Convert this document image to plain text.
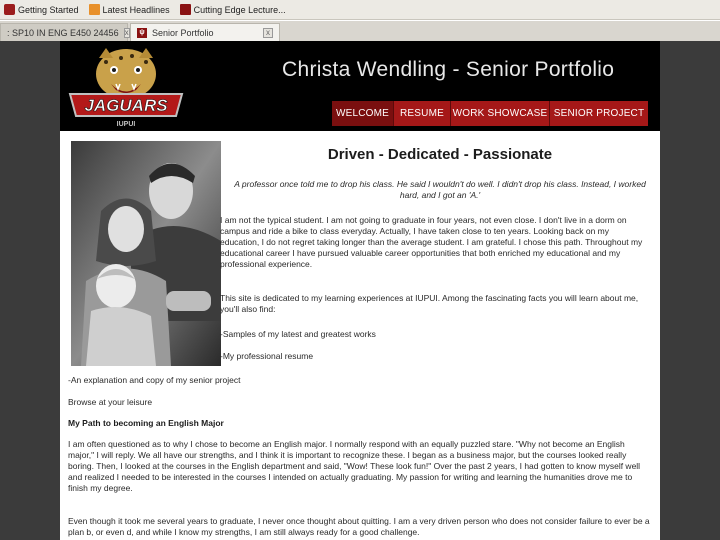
Getting Started	Latest Headlines	Cutting Edge Lecture...
: SP10 IN ENG E450 24456 x	ψ Senior Portfolio	x
JAGUARS
IUPUI
Christa Wendling - Senior Portfolio
WELCOME	RESUME WORK SHOWCASE SENIOR PROJECT
Driven - Dedicated - Passionate
A professor once told me to drop his class. He said I wouldn't do well. I didn't drop his class. Instead, I worked hard, and I got an 'A.'
I am not the typical student. I am not going to graduate in four years, not even close. I don't live in a dorm on campus and ride a bike to class everyday. Actually, I have taken close to ten years. Looking back on my education, I do not regret taking longer than the average student. I am grateful. I chose this path. Throughout my educational career I have pursued valuable career opportunities that both enriched my educational and my professional experience.
This site is dedicated to my learning experiences at IUPUI. Among the fascinating facts you will learn about me, you'll also find:
-Samples of my latest and greatest works
-My professional resume
-An explanation and copy of my senior project
Browse at your leisure
My Path to becoming an English Major
I am often questioned as to why I chose to become an English major. I normally respond with an equally puzzled stare. "Why not become an English major," I will reply. We all have our strengths, and I think it is important to recognize these. I began as a business major, but the courses looked really boring. Then, I looked at the courses in the English department and said, "Wow! These look fun!" Over the past 2 years, I had gotten to know myself well and realized I needed to be interested in the courses I intended on actually graduating. My passion for writing and learning the humanities drove me to finish my degree.
Even though it took me several years to graduate, I never once thought about quitting. I am a very driven person who does not consider failure to ever be a plan b, or even d, and while I know my strengths, I am still always ready for a good challenge.
